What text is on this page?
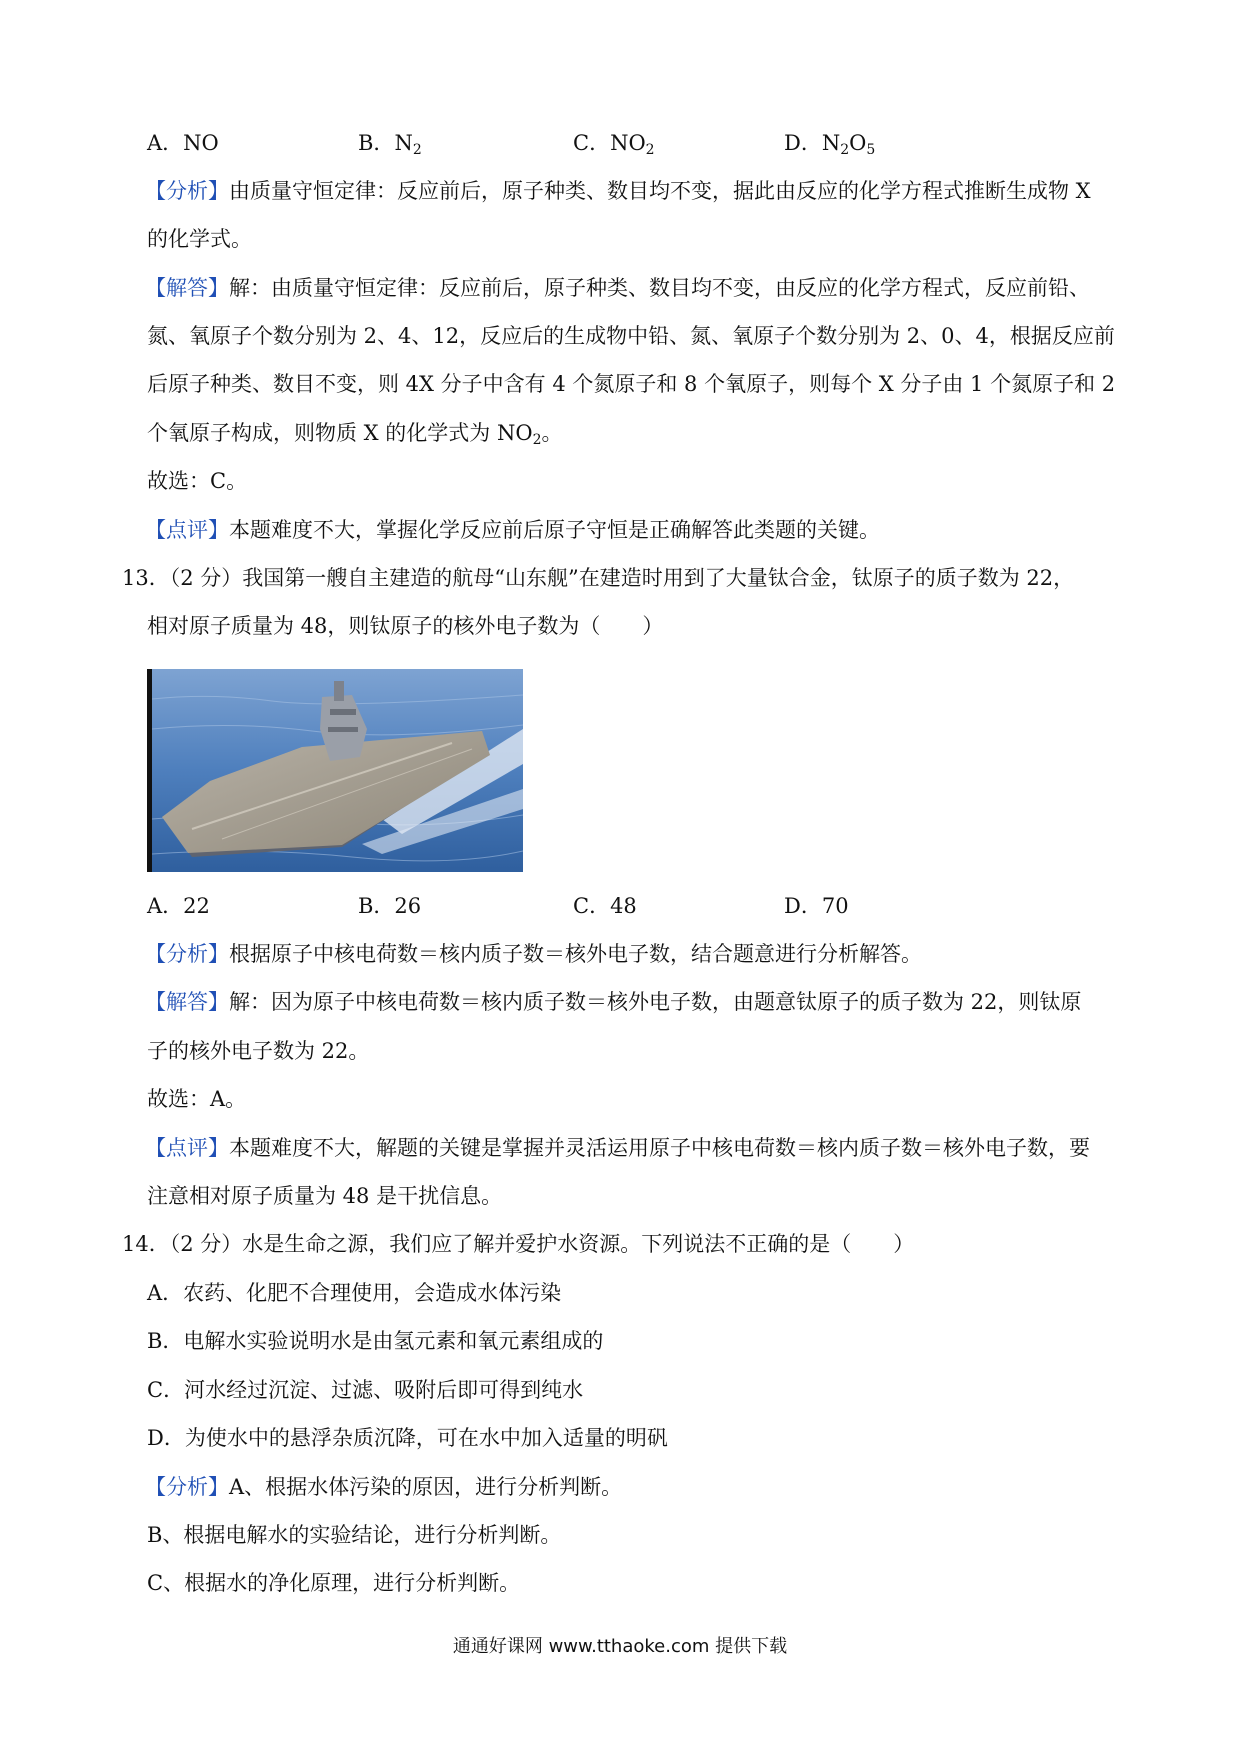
A．NO	B．$N_2$	C．$NO_2$	D．$N_2O_5$
【分析】由质量守恒定律：反应前后，原子种类、数目均不变，据此由反应的化学方程式推断生成物 X
的化学式。
【解答】解：由质量守恒定律：反应前后，原子种类、数目均不变，由反应的化学方程式，反应前铅、
氮、氧原子个数分别为 2、4、12，反应后的生成物中铅、氮、氧原子个数分别为 2、0、4，根据反应前
后原子种类、数目不变，则 4X 分子中含有 4 个氮原子和 8 个氧原子，则每个 X 分子由 1 个氮原子和 2
个氧原子构成，则物质 X 的化学式为 $NO_2$。
故选：C。
【点评】本题难度不大，掌握化学反应前后原子守恒是正确解答此类题的关键。
13．（2 分）我国第一艘自主建造的航母“山东舰”在建造时用到了大量钛合金，钛原子的质子数为 22，
相对原子质量为 48，则钛原子的核外电子数为（　　）
A．22	B．26	C．48	D．70
【分析】根据原子中核电荷数＝核内质子数＝核外电子数，结合题意进行分析解答。
【解答】解：因为原子中核电荷数＝核内质子数＝核外电子数，由题意钛原子的质子数为 22，则钛原
子的核外电子数为 22。
故选：A。
【点评】本题难度不大，解题的关键是掌握并灵活运用原子中核电荷数＝核内质子数＝核外电子数，要
注意相对原子质量为 48 是干扰信息。
14．（2 分）水是生命之源，我们应了解并爱护水资源。下列说法不正确的是（　　）
A．农药、化肥不合理使用，会造成水体污染
B．电解水实验说明水是由氢元素和氧元素组成的
C．河水经过沉淀、过滤、吸附后即可得到纯水
D．为使水中的悬浮杂质沉降，可在水中加入适量的明矾
【分析】A、根据水体污染的原因，进行分析判断。
B、根据电解水的实验结论，进行分析判断。
C、根据水的净化原理，进行分析判断。
通通好课网 www.tthaoke.com 提供下载
